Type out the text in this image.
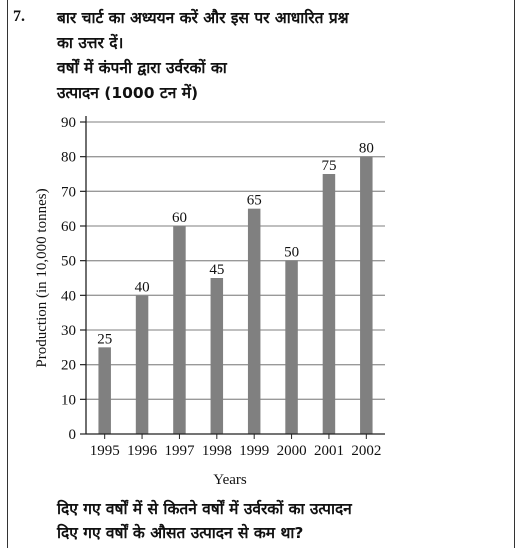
7. बार चार्ट का अध्ययन करें और इस पर आधारित प्रश्न
का उत्तर दें।
वर्षों में कंपनी द्वारा उर्वरकों का
उत्पादन (1000 टन में)
25
40
60
45
65
50
75
80
0
10
20
30
40
50
60
70
80
90
1995 1996 1997 1998 1999 2000 2001 2002
Years
Production (in 10,000 tonnes)
दिए गए वर्षों में से कितने वर्षों में उर्वरकों का उत्पादन
दिए गए वर्षों के औसत उत्पादन से कम था?
